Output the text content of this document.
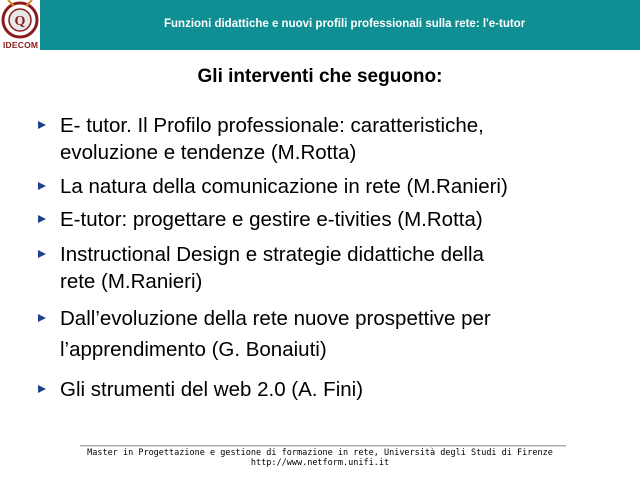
Funzioni didattiche e nuovi profili professionali sulla rete: l'e-tutor
Q
IDECOM
Gli interventi che seguono:
E- tutor. Il Profilo professionale: caratteristiche,
evoluzione e tendenze (M.Rotta)
La natura della comunicazione in rete (M.Ranieri)
E-tutor: progettare e gestire e-tivities (M.Rotta)
Instructional Design e strategie didattiche della
rete (M.Ranieri)
Dall’evoluzione della rete nuove prospettive per
l’apprendimento (G. Bonaiuti)
Gli strumenti del web 2.0 (A. Fini)
Master in Progettazione e gestione di formazione in rete, Università degli Studi di Firenze
http://www.netform.unifi.it
